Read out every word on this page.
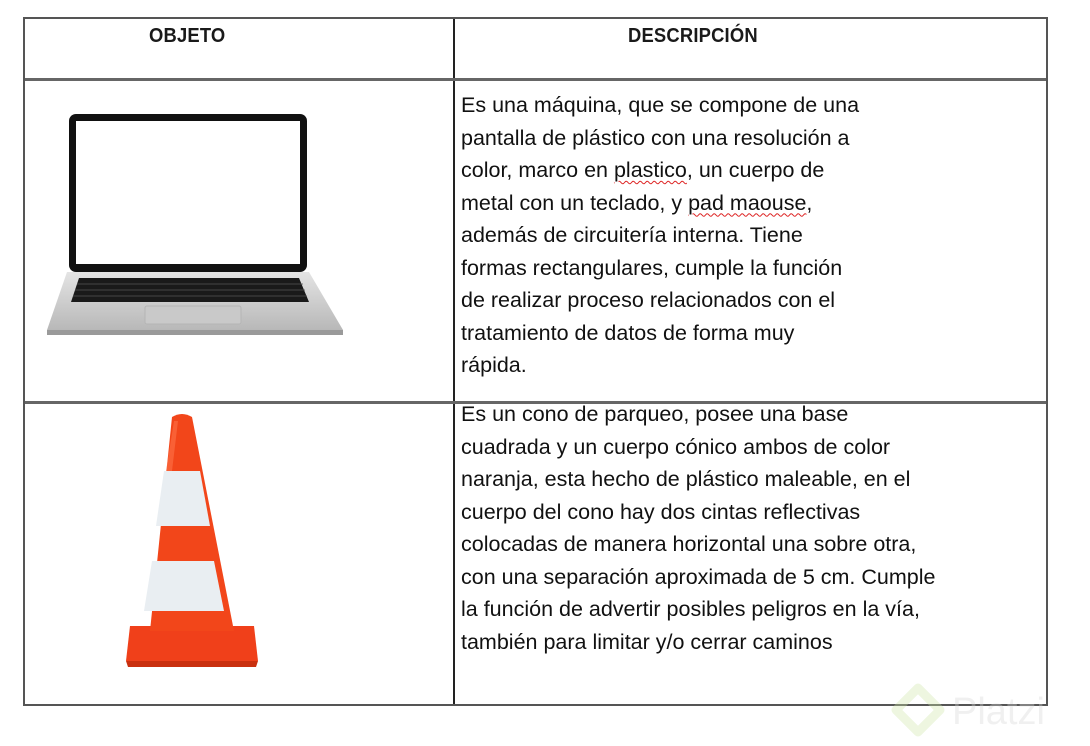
OBJETO	DESCRIPCIÓN
Es una máquina, que se compone de una
pantalla de plástico con una resolución a
color, marco en plastico, un cuerpo de
metal con un teclado, y pad maouse,
además de circuitería interna. Tiene
formas rectangulares, cumple la función
de realizar proceso relacionados con el
tratamiento de datos de forma muy
rápida.
Es un cono de parqueo, posee una base
cuadrada y un cuerpo cónico ambos de color
naranja, esta hecho de plástico maleable, en el
cuerpo del cono hay dos cintas reflectivas
colocadas de manera horizontal una sobre otra,
con una separación aproximada de 5 cm. Cumple
la función de advertir posibles peligros en la vía,
también para limitar y/o cerrar caminos
Platzi
